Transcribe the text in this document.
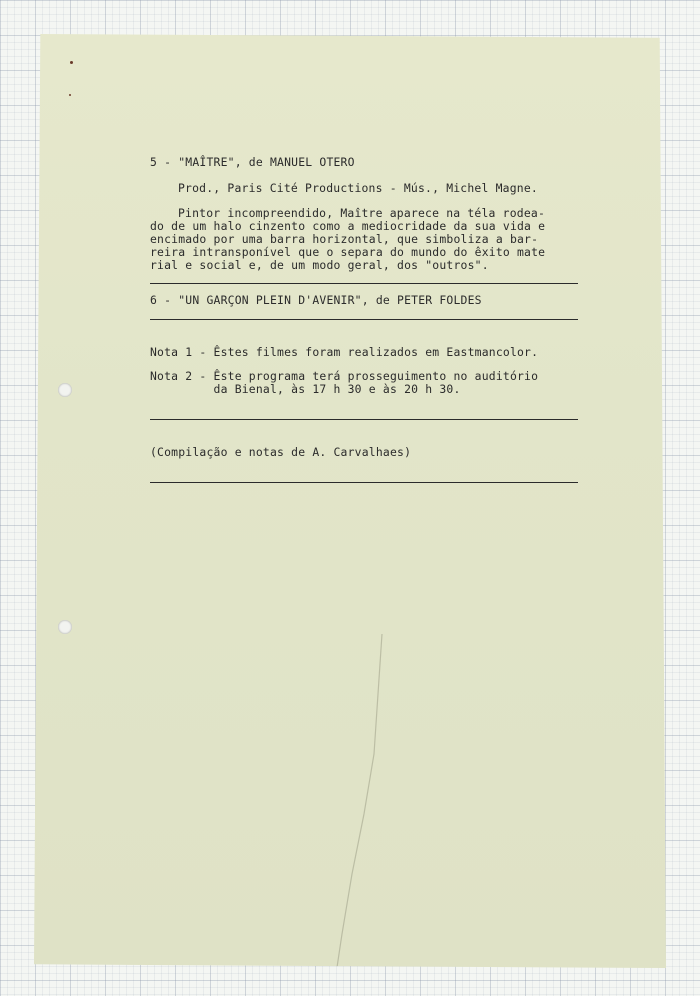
5 - "MAÎTRE", de MANUEL OTERO
Prod., Paris Cité Productions - Mús., Michel Magne.
Pintor incompreendido, Maître aparece na téla rodea-
do de um halo cinzento como a mediocridade da sua vida e
encimado por uma barra horizontal, que simboliza a bar-
reira intransponível que o separa do mundo do êxito mate
rial e social e, de um modo geral, dos "outros".
6 - "UN GARÇON PLEIN D'AVENIR", de PETER FOLDES
Nota 1 - Êstes filmes foram realizados em Eastmancolor.
Nota 2 - Êste programa terá prosseguimento no auditório
da Bienal, às 17 h 30 e às 20 h 30.
(Compilação e notas de A. Carvalhaes)
